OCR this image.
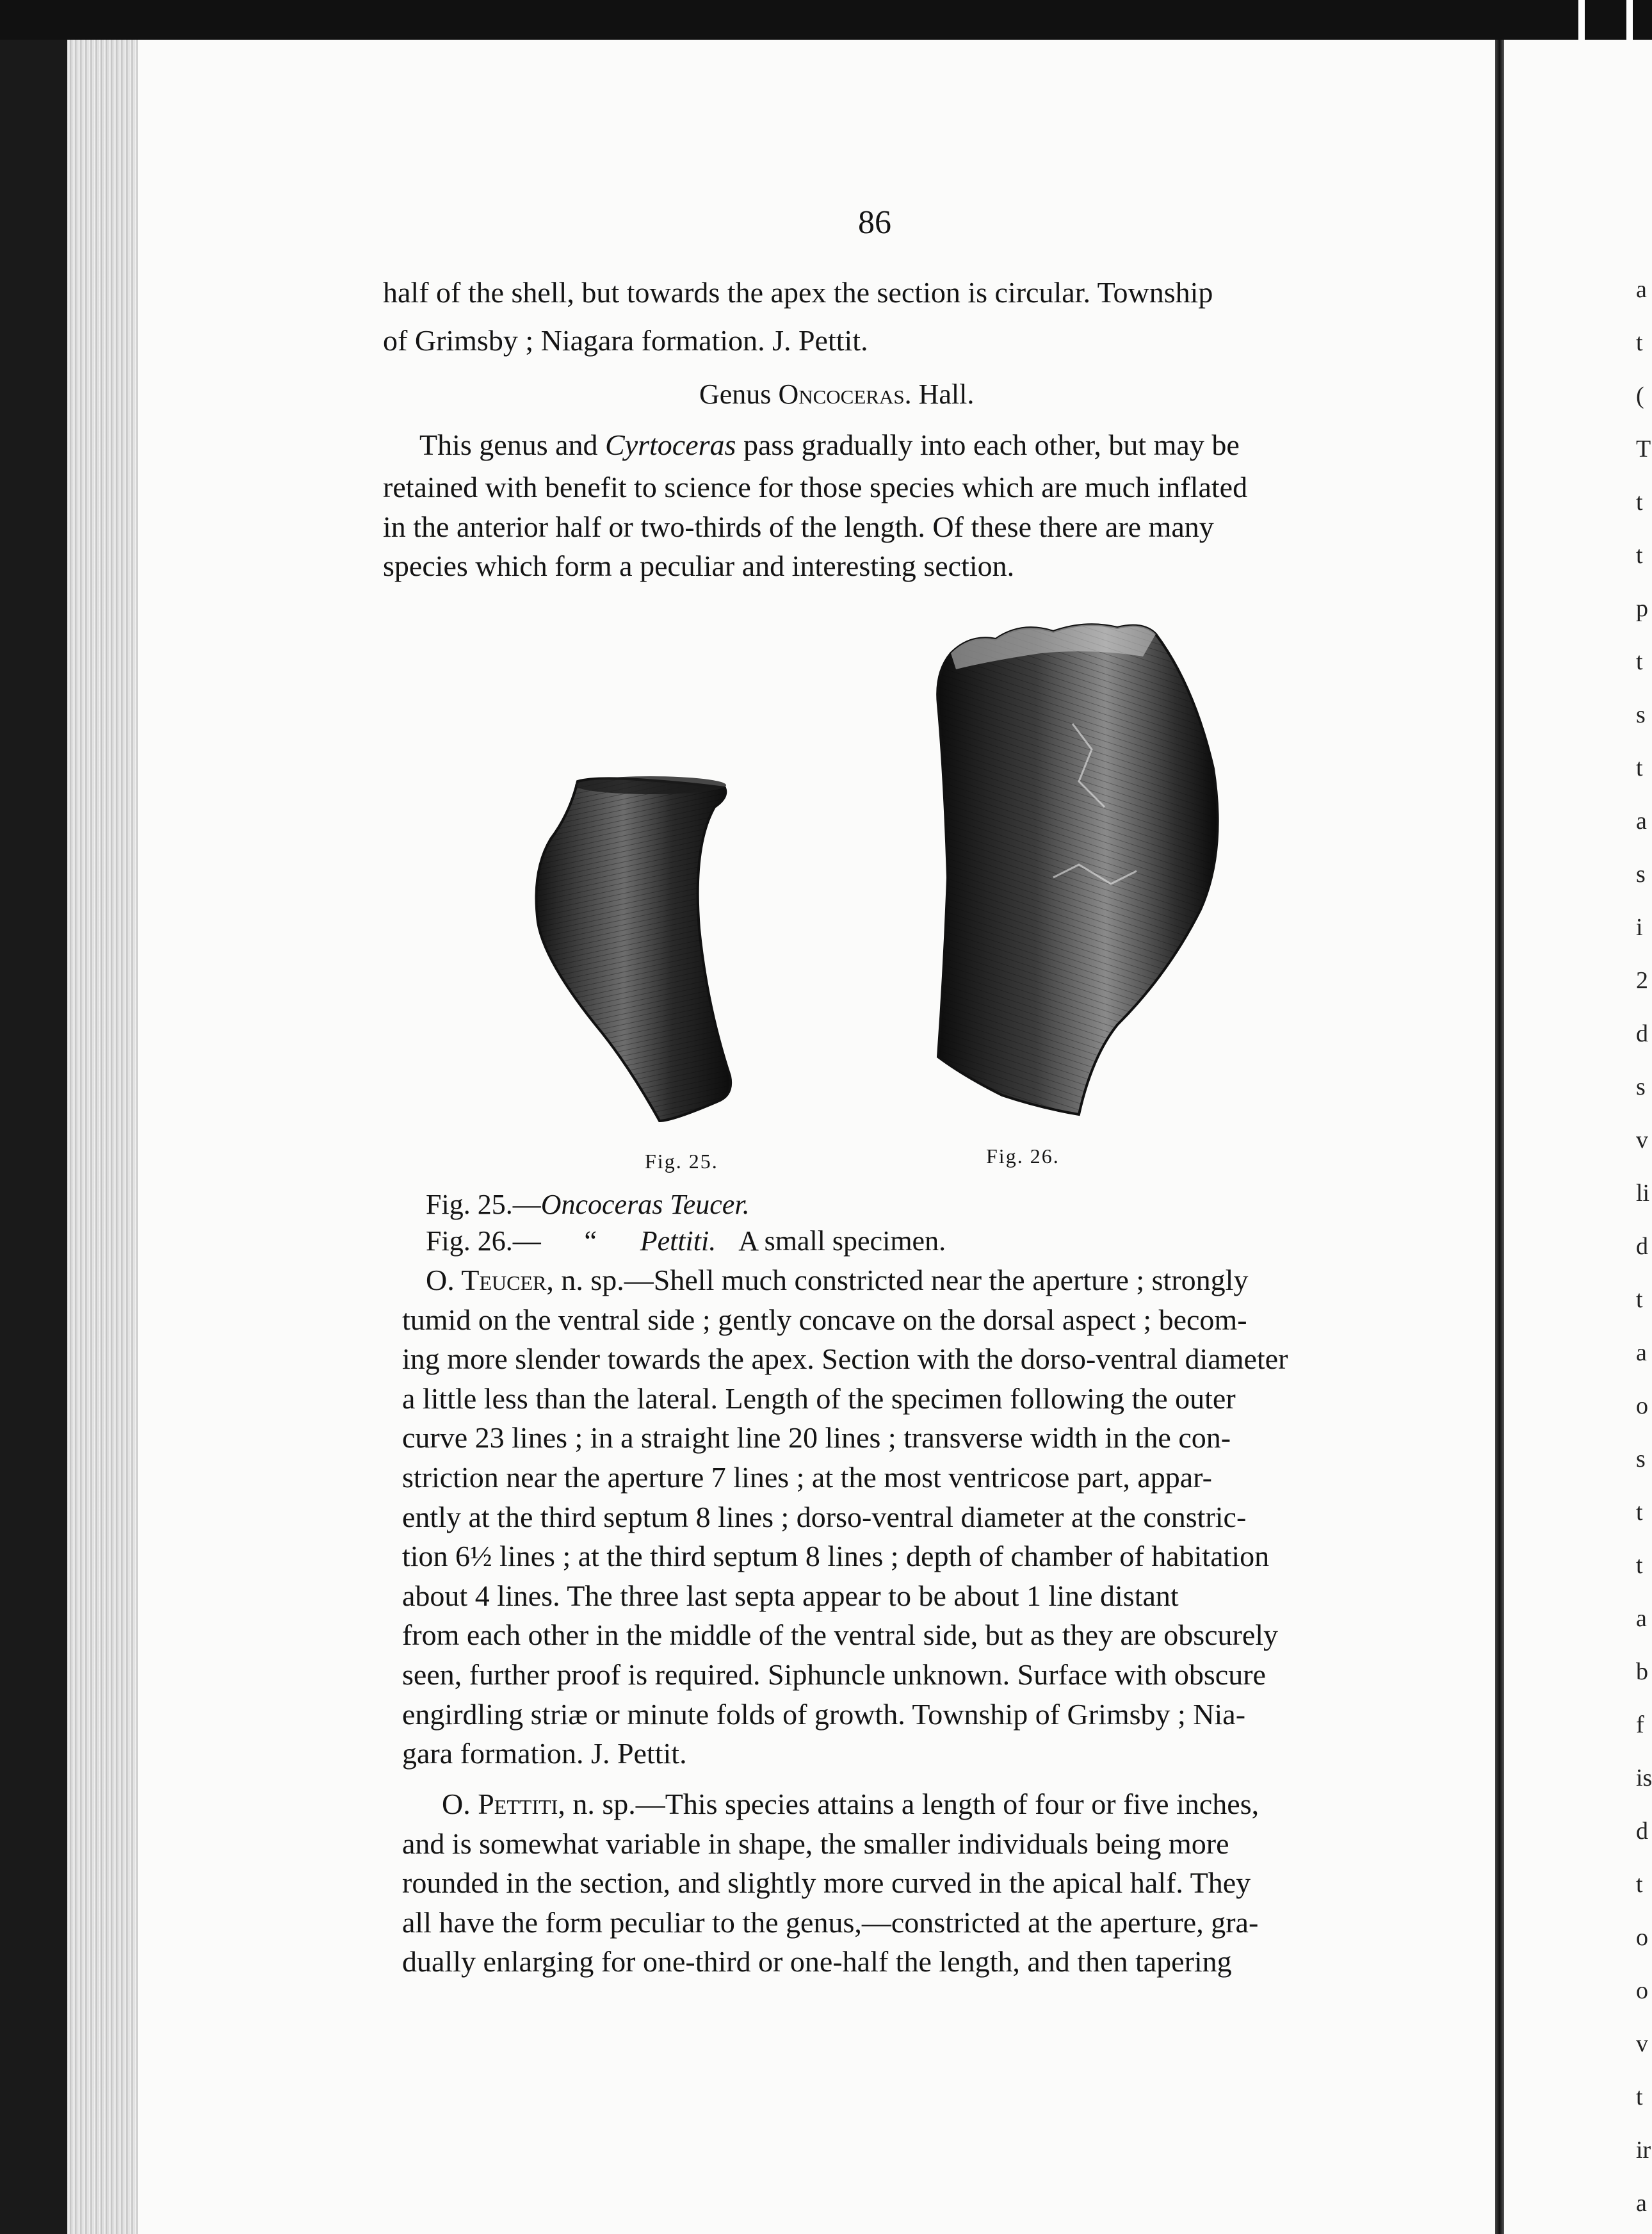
a
t
(
T
t
t
p
t
s
t
a
s
i
2
d
s
v
li
d
t
a
o
s
t
t
a
b
f
is
d
t
o
o
v
t
ir
a
86
half of the shell, but towards the apex the section is circular. Township
of Grimsby ; Niagara formation. J. Pettit.
Genus Oncoceras. Hall.
This genus and Cyrtoceras pass gradually into each other, but may be
retained with benefit to science for those species which are much inflated
in the anterior half or two-thirds of the length. Of these there are many
species which form a peculiar and interesting section.
Fig. 25.	Fig. 26.
Fig. 25.—Oncoceras Teucer.
Fig. 26.— “ Pettiti. A small specimen.
O. Teucer, n. sp.—Shell much constricted near the aperture ; strongly
tumid on the ventral side ; gently concave on the dorsal aspect ; becom-
ing more slender towards the apex. Section with the dorso-ventral diameter
a little less than the lateral. Length of the specimen following the outer
curve 23 lines ; in a straight line 20 lines ; transverse width in the con-
striction near the aperture 7 lines ; at the most ventricose part, appar-
ently at the third septum 8 lines ; dorso-ventral diameter at the constric-
tion 6½ lines ; at the third septum 8 lines ; depth of chamber of habitation
about 4 lines. The three last septa appear to be about 1 line distant
from each other in the middle of the ventral side, but as they are obscurely
seen, further proof is required. Siphuncle unknown. Surface with obscure
engirdling striæ or minute folds of growth. Township of Grimsby ; Nia-
gara formation. J. Pettit.
O. Pettiti, n. sp.—This species attains a length of four or five inches,
and is somewhat variable in shape, the smaller individuals being more
rounded in the section, and slightly more curved in the apical half. They
all have the form peculiar to the genus,—constricted at the aperture, gra-
dually enlarging for one-third or one-half the length, and then tapering
